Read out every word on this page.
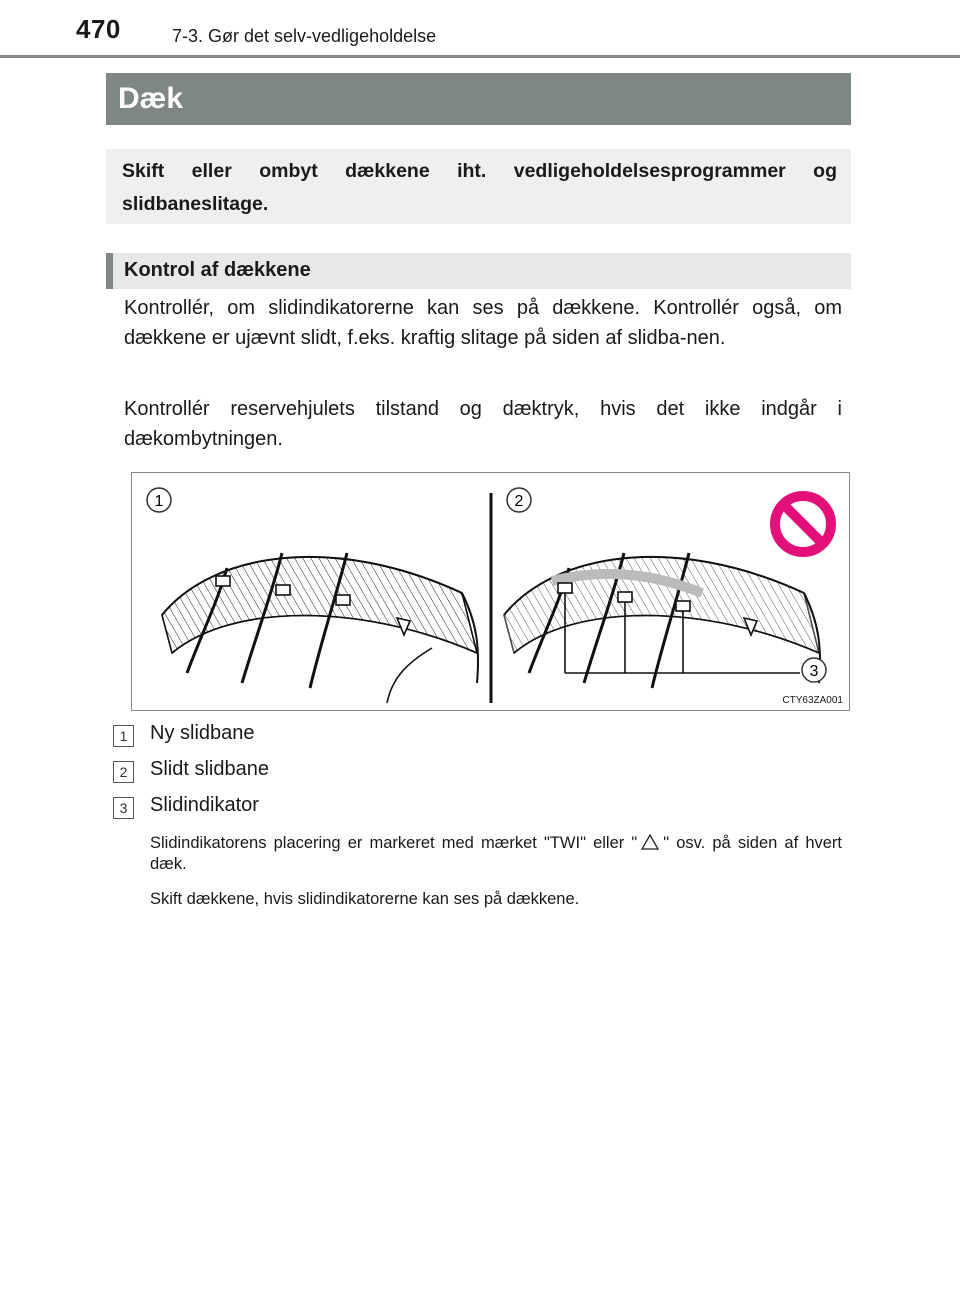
470	7-3. Gør det selv-vedligeholdelse
Dæk

Skift eller ombyt dækkene iht. vedligeholdelsesprogrammer og slidbaneslitage.

Kontrol af dækkene
Kontrollér, om slidindikatorerne kan ses på dækkene. Kontrollér også, om dækkene er ujævnt slidt, f.eks. kraftig slitage på siden af slidba-nen.
Kontrollér reservehjulets tilstand og dæktryk, hvis det ikke indgår i dækombytningen.
1	2
3
CTY63ZA001
1	Ny slidbane
2	Slidt slidbane
3	Slidindikator
Slidindikatorens placering er markeret med mærket "TWI" eller " " osv. på siden af hvert dæk.
Skift dækkene, hvis slidindikatorerne kan ses på dækkene.
